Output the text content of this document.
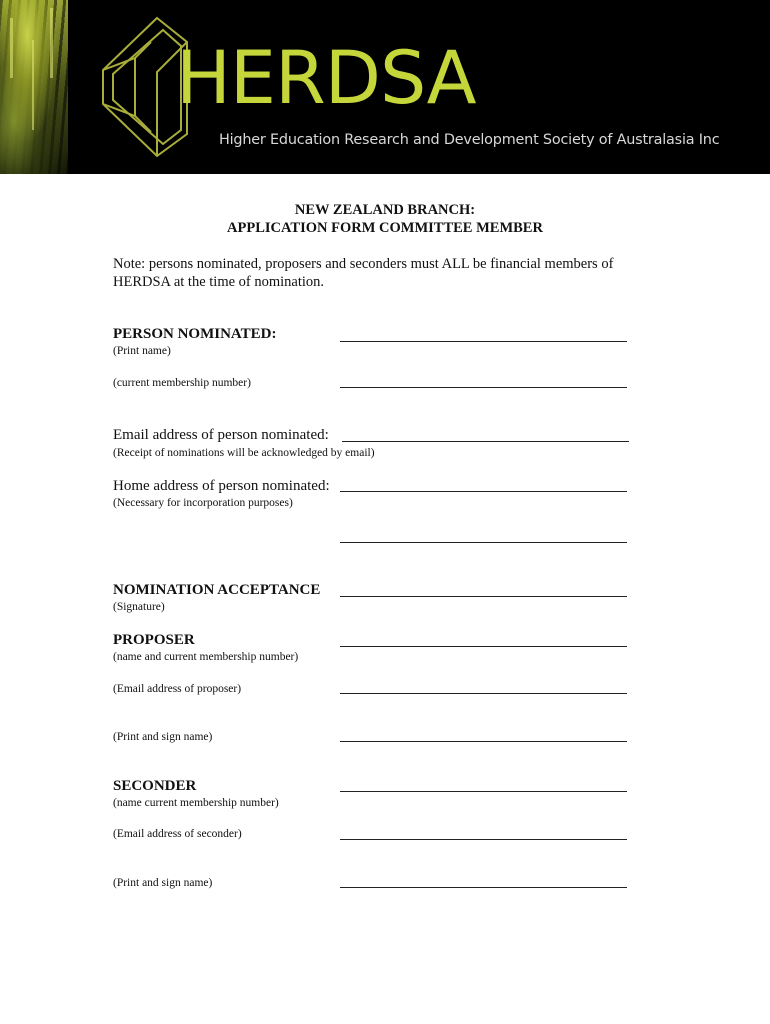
HERDSA
Higher Education Research and Development Society of Australasia Inc
NEW ZEALAND BRANCH:
APPLICATION FORM COMMITTEE MEMBER
Note: persons nominated, proposers and seconders must ALL be financial members of
HERDSA at the time of nomination.
PERSON NOMINATED:
(Print name)
(current membership number)
Email address of person nominated:
(Receipt of nominations will be acknowledged by email)
Home address of person nominated:
(Necessary for incorporation purposes)
NOMINATION ACCEPTANCE
(Signature)
PROPOSER
(name and current membership number)
(Email address of proposer)
(Print and sign name)
SECONDER
(name current membership number)
(Email address of seconder)
(Print and sign name)
